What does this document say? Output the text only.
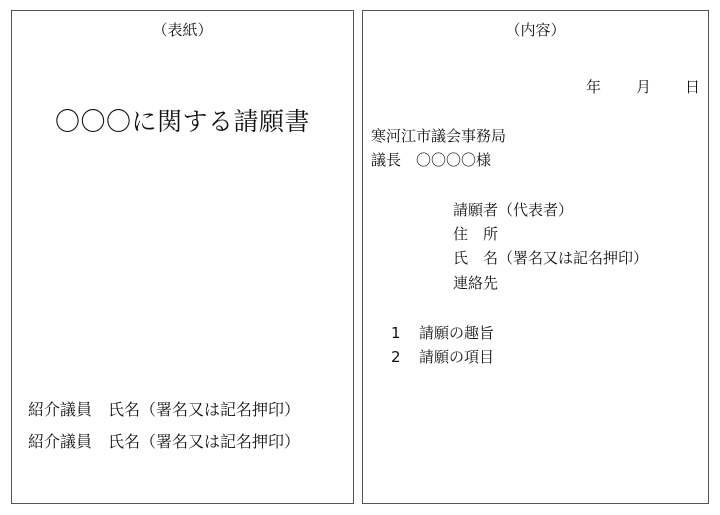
（表紙）
〇〇〇に関する請願書
紹介議員　氏名（署名又は記名押印）
紹介議員　氏名（署名又は記名押印）
（内容）
年 月 日
寒河江市議会事務局
議長　〇〇〇〇様
請願者（代表者）
住　所
氏　名（署名又は記名押印）
連絡先
1 請願の趣旨
2 請願の項目
